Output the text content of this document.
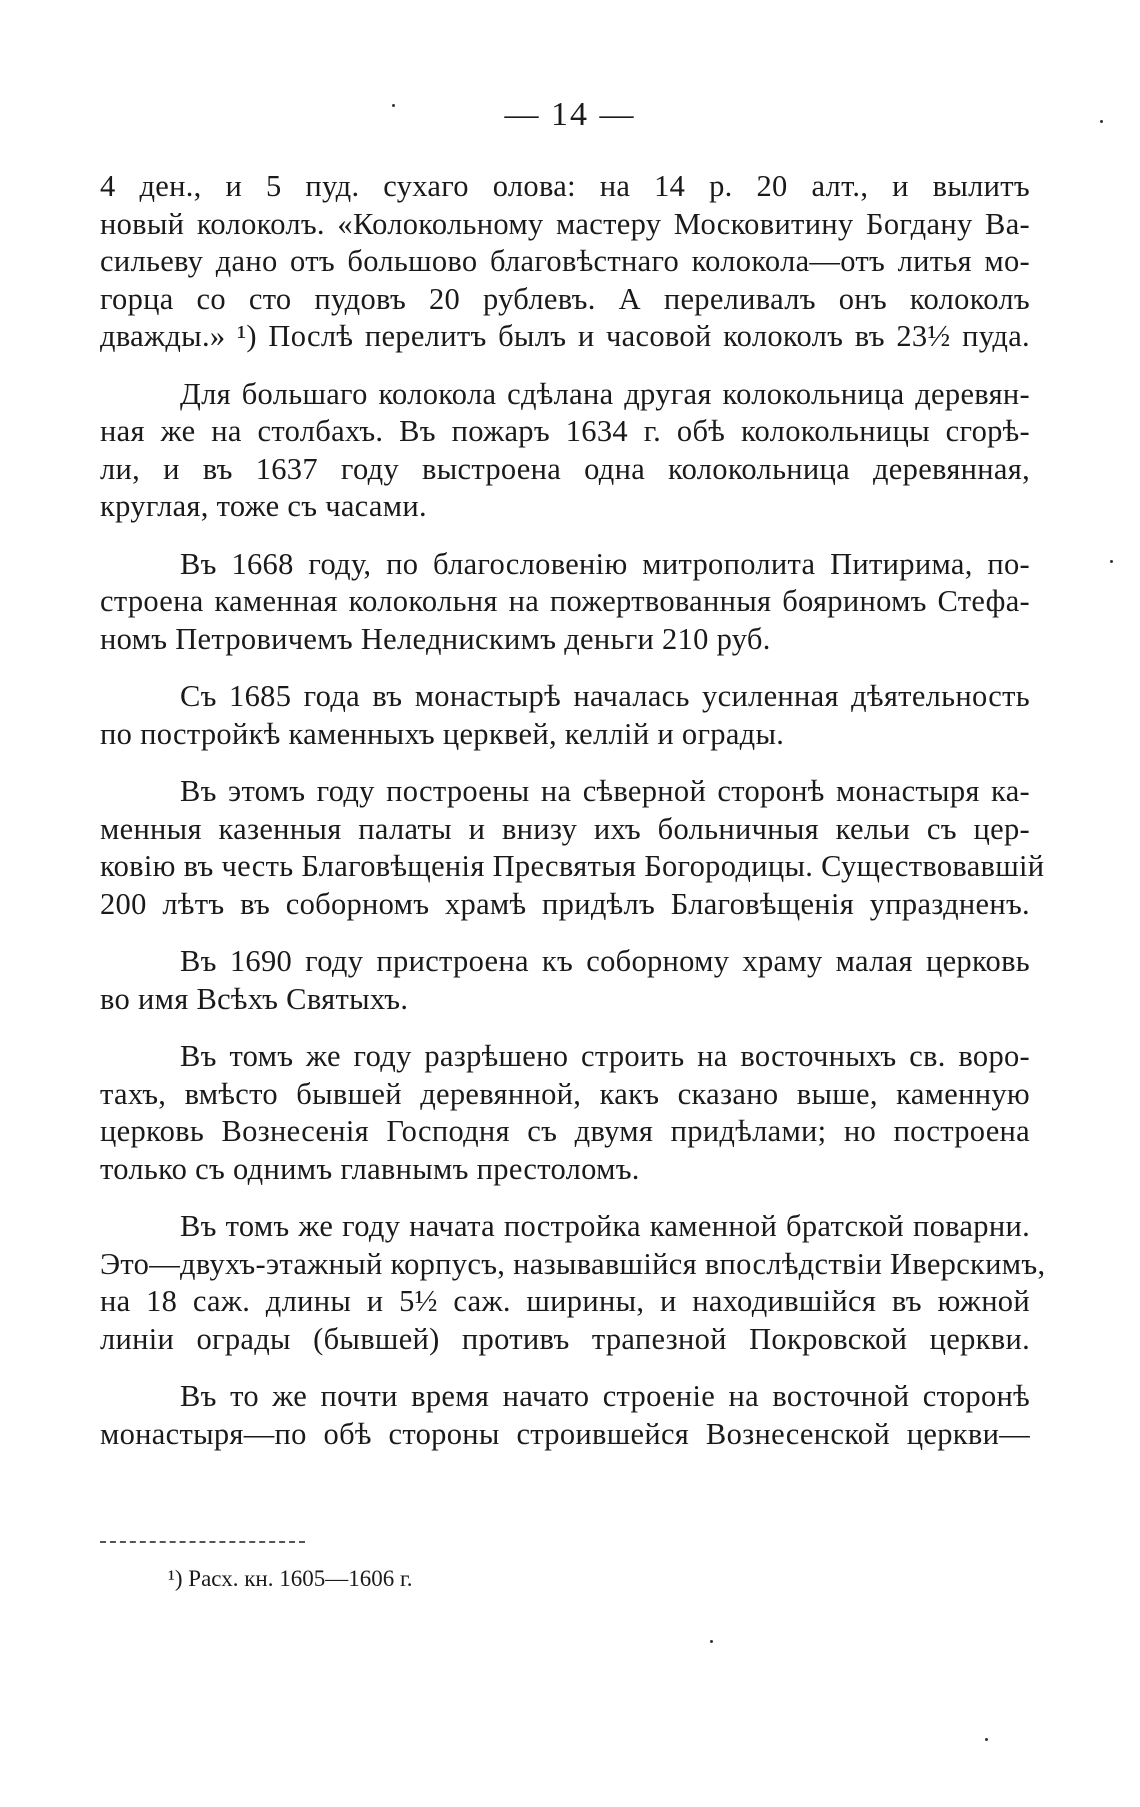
— 14 —
4 ден., и 5 пуд. сухаго олова: на 14 р. 20 алт., и вылитъ
новый колоколъ. «Колокольному мастеру Московитину Богдану Ва-
сильеву дано отъ большово благовѣстнаго колокола—отъ литья мо-
горца со сто пудовъ 20 рублевъ. А переливалъ онъ колоколъ
дважды.» ¹) Послѣ перелитъ былъ и часовой колоколъ въ 23½ пуда.
Для большаго колокола сдѣлана другая колокольница деревян-
ная же на столбахъ. Въ пожаръ 1634 г. обѣ колокольницы сгорѣ-
ли, и въ 1637 году выстроена одна колокольница деревянная,
круглая, тоже съ часами.
Въ 1668 году, по благословенію митрополита Питирима, по-
строена каменная колокольня на пожертвованныя бояриномъ Стефа-
номъ Петровичемъ Неледнискимъ деньги 210 руб.
Съ 1685 года въ монастырѣ началась усиленная дѣятельность
по постройкѣ каменныхъ церквей, келлій и ограды.
Въ этомъ году построены на сѣверной сторонѣ монастыря ка-
менныя казенныя палаты и внизу ихъ больничныя кельи съ цер-
ковію въ честь Благовѣщенія Пресвятыя Богородицы. Существовавшій
200 лѣтъ въ соборномъ храмѣ придѣлъ Благовѣщенія упраздненъ.
Въ 1690 году пристроена къ соборному храму малая церковь
во имя Всѣхъ Святыхъ.
Въ томъ же году разрѣшено строить на восточныхъ св. воро-
тахъ, вмѣсто бывшей деревянной, какъ сказано выше, каменную
церковь Вознесенія Господня съ двумя придѣлами; но построена
только съ однимъ главнымъ престоломъ.
Въ томъ же году начата постройка каменной братской поварни.
Это—двухъ-этажный корпусъ, называвшійся впослѣдствіи Иверскимъ,
на 18 саж. длины и 5½ саж. ширины, и находившійся въ южной
линіи ограды (бывшей) противъ трапезной Покровской церкви.
Въ то же почти время начато строеніе на восточной сторонѣ
монастыря—по обѣ стороны строившейся Вознесенской церкви—
¹) Расх. кн. 1605—1606 г.
